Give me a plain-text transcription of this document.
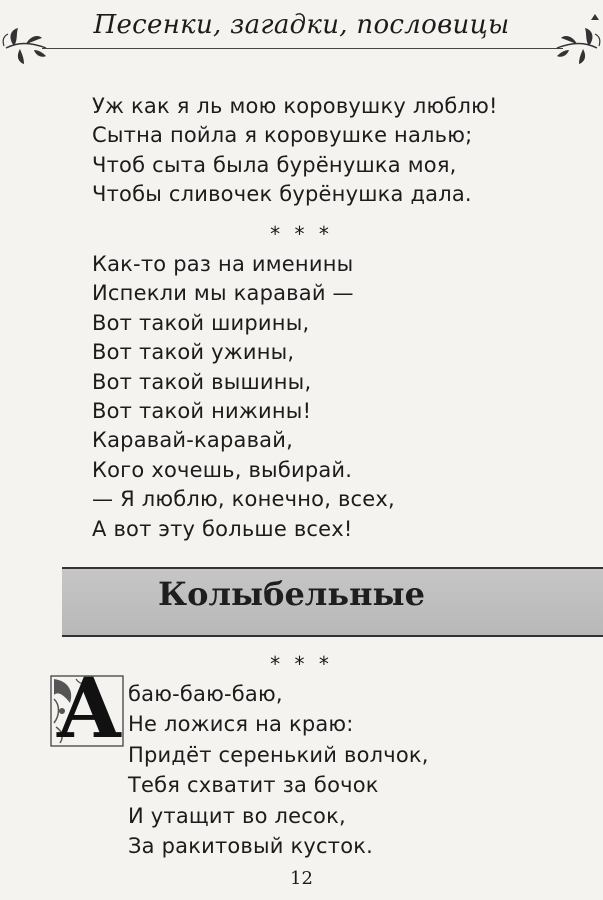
Песенки, загадки, пословицы
Уж как я ль мою коровушку люблю!
Сытна пойла я коровушке налью;
Чтоб сыта была бурёнушка моя,
Чтобы сливочек бурёнушка дала.
* * *
Как-то раз на именины
Испекли мы каравай —
Вот такой ширины,
Вот такой ужины,
Вот такой вышины,
Вот такой нижины!
Каравай-каравай,
Кого хочешь, выбирай.
— Я люблю, конечно, всех,
А вот эту больше всех!
Колыбельные
* * *
А баю-баю-баю,
Не ложися на краю:
Придёт серенький волчок,
Тебя схватит за бочок
И утащит во лесок,
За ракитовый кусток.
12
